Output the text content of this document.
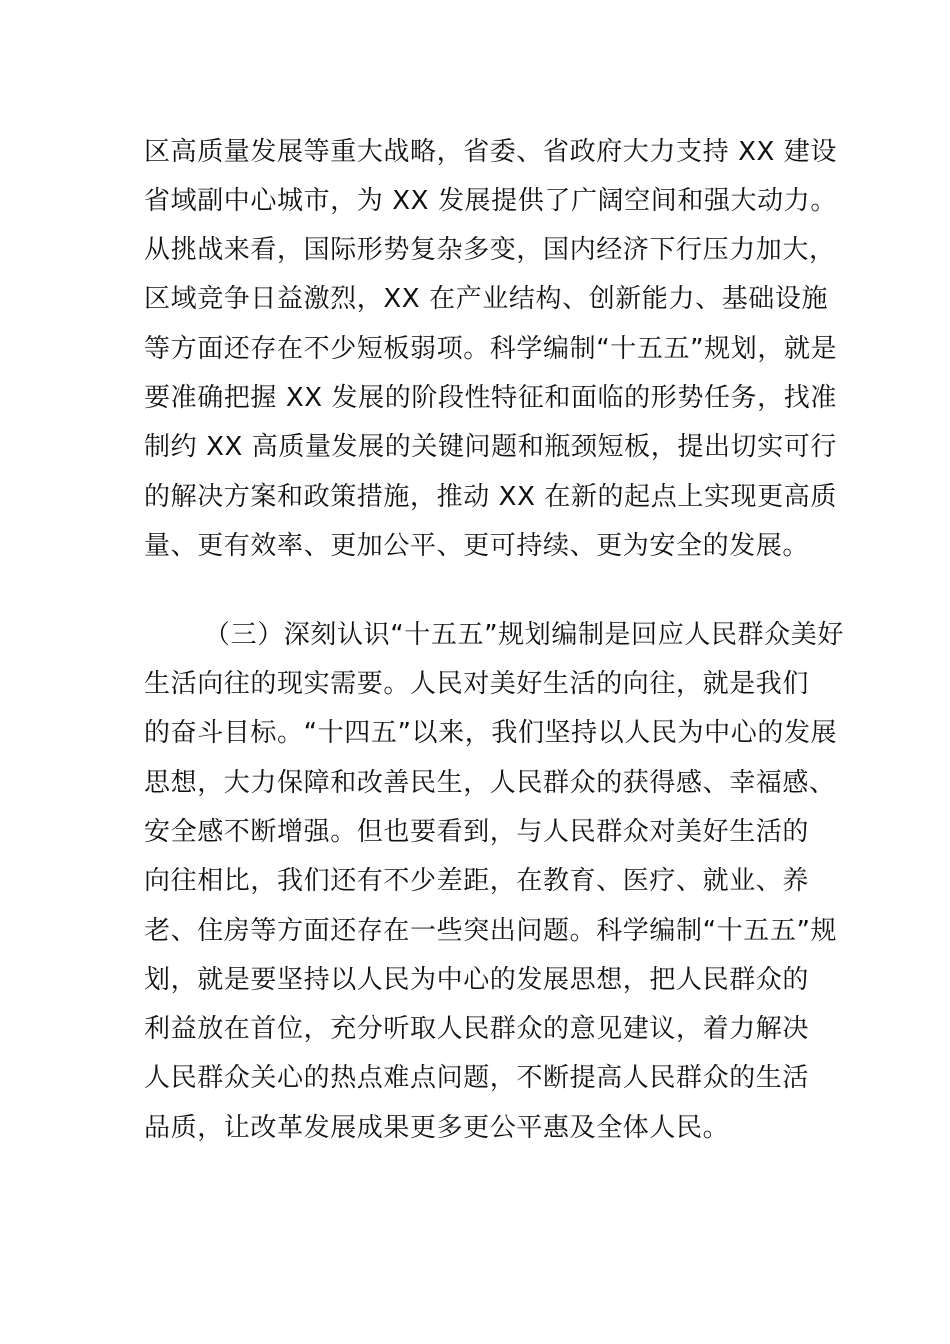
区高质量发展等重大战略，省委、省政府大力支持 XX 建设
省域副中心城市，为 XX 发展提供了广阔空间和强大动力。
从挑战来看，国际形势复杂多变，国内经济下行压力加大，
区域竞争日益激烈，XX 在产业结构、创新能力、基础设施
等方面还存在不少短板弱项。科学编制“十五五”规划，就是
要准确把握 XX 发展的阶段性特征和面临的形势任务，找准
制约 XX 高质量发展的关键问题和瓶颈短板，提出切实可行
的解决方案和政策措施，推动 XX 在新的起点上实现更高质
量、更有效率、更加公平、更可持续、更为安全的发展。
（三）深刻认识“十五五”规划编制是回应人民群众美好
生活向往的现实需要。人民对美好生活的向往，就是我们
的奋斗目标。“十四五”以来，我们坚持以人民为中心的发展
思想，大力保障和改善民生，人民群众的获得感、幸福感、
安全感不断增强。但也要看到，与人民群众对美好生活的
向往相比，我们还有不少差距，在教育、医疗、就业、养
老、住房等方面还存在一些突出问题。科学编制“十五五”规
划，就是要坚持以人民为中心的发展思想，把人民群众的
利益放在首位，充分听取人民群众的意见建议，着力解决
人民群众关心的热点难点问题，不断提高人民群众的生活
品质，让改革发展成果更多更公平惠及全体人民。
